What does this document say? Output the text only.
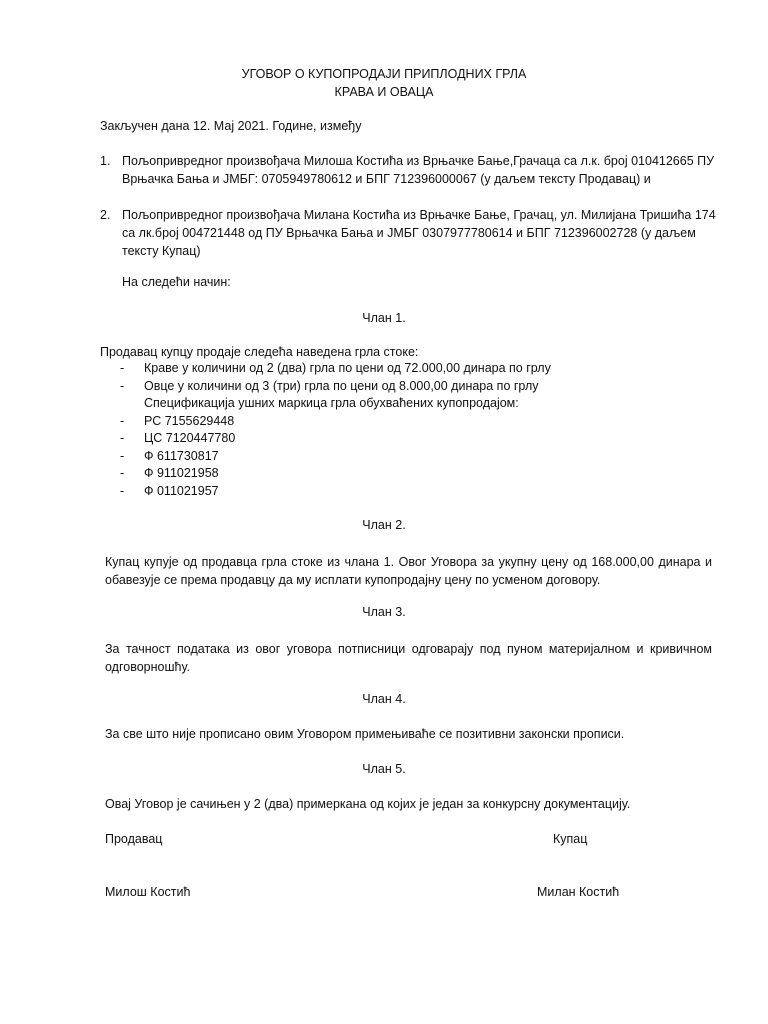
УГОВОР О КУПОПРОДАЈИ ПРИПЛОДНИХ ГРЛА
КРАВА И ОВАЦА
Закључен дана 12. Мај 2021. Године, између
1. Пољопривредног произвођача Милоша Костића из Врњачке Бање,Грачаца са л.к. број 010412665 ПУ Врњачка Бања и ЈМБГ: 0705949780612 и БПГ 712396000067 (у даљем тексту Продавац) и
2. Пољопривредног произвођача Милана Костића из Врњачке Бање, Грачац, ул. Милијана Тришића 174 са лк.број 004721448 од ПУ Врњачка Бања и ЈМБГ 0307977780614 и БПГ 712396002728 (у даљем тексту Купац)
На следећи начин:
Члан 1.
Продавац купцу продаје следећа наведена грла стоке:
- Краве у количини од 2 (два) грла по цени од 72.000,00 динара по грлу
- Овце у количини од 3 (три) грла по цени од 8.000,00 динара по грлу
Спецификација ушних маркица грла обухваћених купопродајом:
- РС 7155629448
- ЦС 7120447780
- Ф 611730817
- Ф 911021958
- Ф 011021957
Члан 2.
Купац купује од продавца грла стоке из члана 1. Овог Уговора за укупну цену од 168.000,00 динара и обавезује се према продавцу да му исплати купопродајну цену по усменом договору.
Члан 3.
За тачност података из овог уговора потписници одговарају под пуном материјалном и кривичном одговорношћу.
Члан 4.
За све што није прописано овим Уговором примењиваће се позитивни законски прописи.
Члан 5.
Овај Уговор је сачињен у 2 (два) примеркана од којих је један за конкурсну документацију.
Продавац	Купац
Милош Костић	Милан Костић
